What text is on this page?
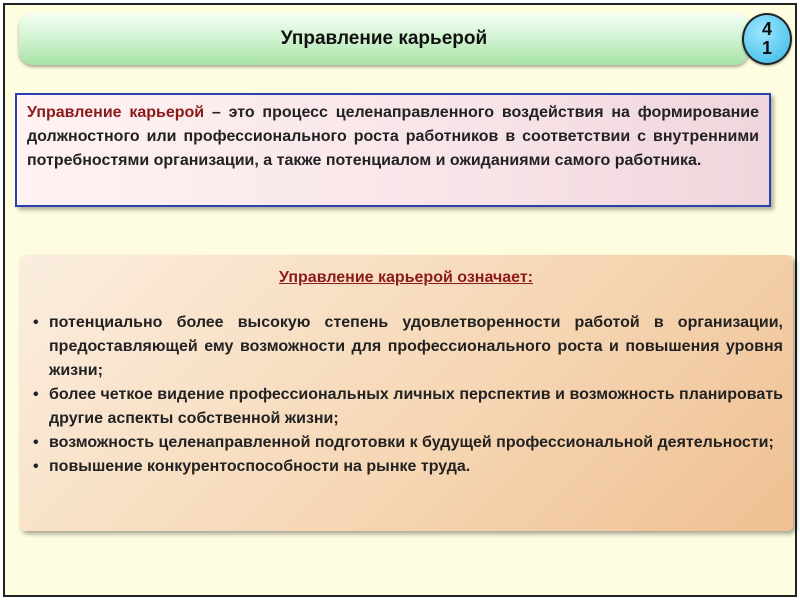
Управление карьерой	4
1
Управление карьерой – это процесс целенаправленного воздействия на формирование должностного или профессионального роста работников в соответствии с внутренними потребностями организации, а также потенциалом и ожиданиями самого работника.
Управление карьерой означает:
• потенциально более высокую степень удовлетворенности работой в организации, предоставляющей ему возможности для профессионального роста и повышения уровня жизни;
• более четкое видение профессиональных личных перспектив и возможность планировать другие аспекты собственной жизни;
• возможность целенаправленной подготовки к будущей профессиональной деятельности;
• повышение конкурентоспособности на рынке труда.
